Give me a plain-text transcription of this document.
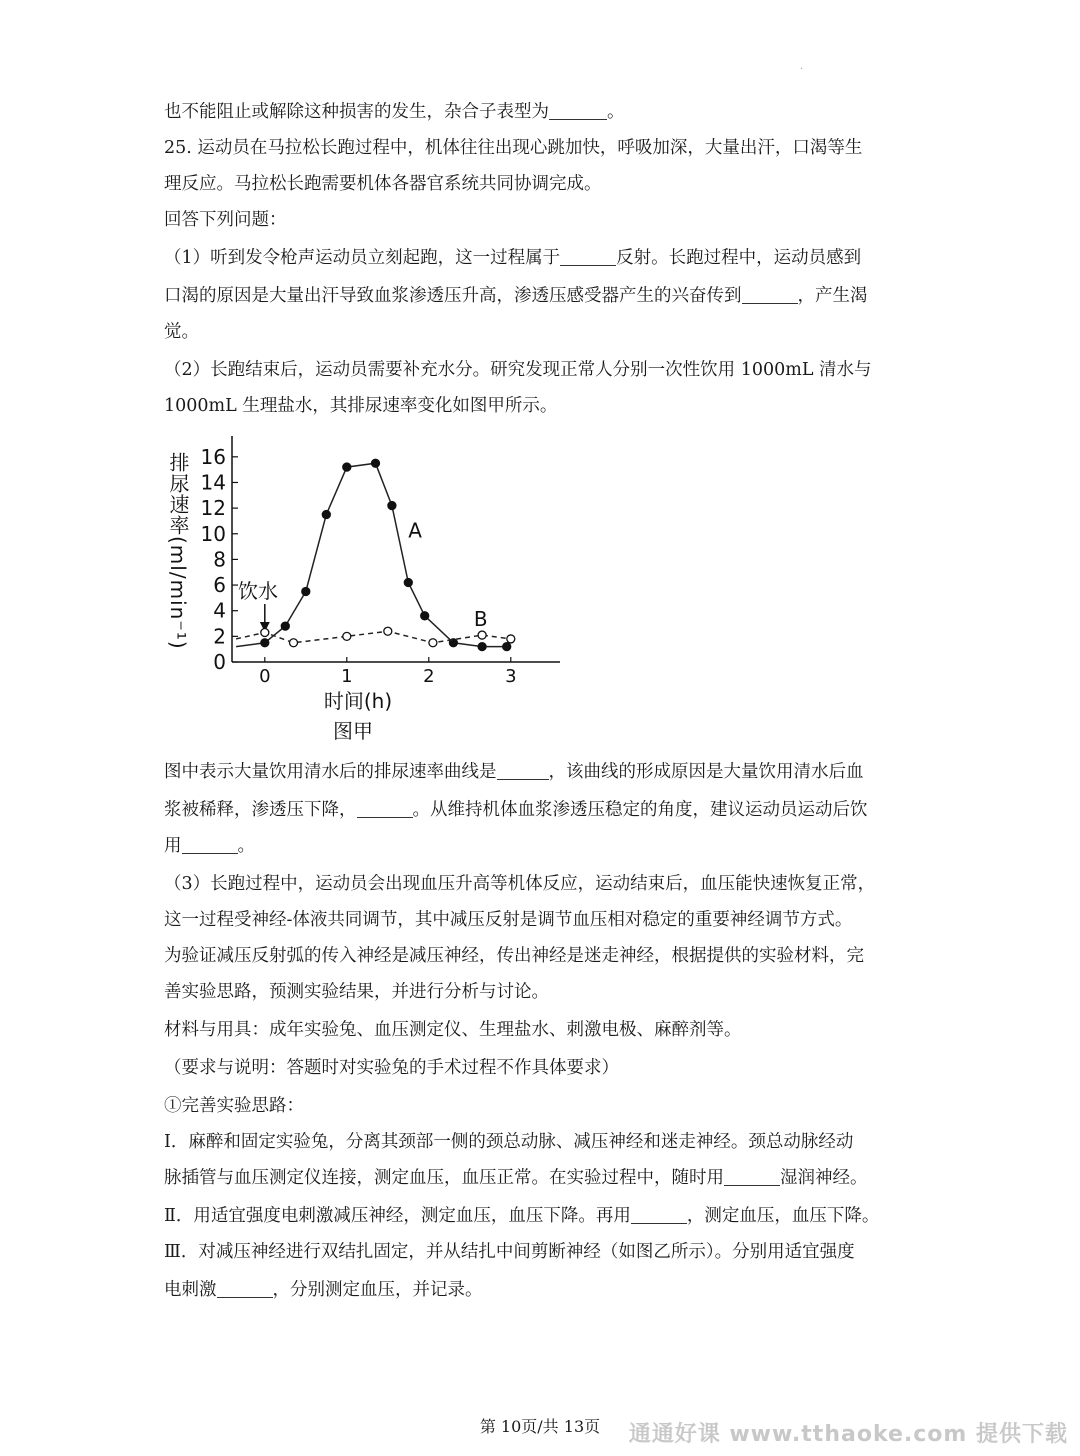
·
也不能阻止或解除这种损害的发生，杂合子表型为	。
25. 运动员在马拉松长跑过程中，机体往往出现心跳加快，呼吸加深，大量出汗，口渴等生
理反应。马拉松长跑需要机体各器官系统共同协调完成。
回答下列问题：
（1）听到发令枪声运动员立刻起跑，这一过程属于	反射。长跑过程中，运动员感到
口渴的原因是大量出汗导致血浆渗透压升高，渗透压感受器产生的兴奋传到	，产生渴
觉。
（2）长跑结束后，运动员需要补充水分。研究发现正常人分别一次性饮用 1000mL 清水与
1000mL 生理盐水，其排尿速率变化如图甲所示。
0
2
4
6
8
10
12
14
16
0	1	2	3
排尿速率(ml/min⁻¹)
时间(h)
图甲
饮水
A
B
图中表示大量饮用清水后的排尿速率曲线是	，该曲线的形成原因是大量饮用清水后血
浆被稀释，渗透压下降，	。从维持机体血浆渗透压稳定的角度，建议运动员运动后饮
用	。
（3）长跑过程中，运动员会出现血压升高等机体反应，运动结束后，血压能快速恢复正常，
这一过程受神经-体液共同调节，其中减压反射是调节血压相对稳定的重要神经调节方式。
为验证减压反射弧的传入神经是减压神经，传出神经是迷走神经，根据提供的实验材料，完
善实验思路，预测实验结果，并进行分析与讨论。
材料与用具：成年实验兔、血压测定仪、生理盐水、刺激电极、麻醉剂等。
（要求与说明：答题时对实验兔的手术过程不作具体要求）
①完善实验思路：
I．麻醉和固定实验兔，分离其颈部一侧的颈总动脉、减压神经和迷走神经。颈总动脉经动
脉插管与血压测定仪连接，测定血压，血压正常。在实验过程中，随时用	湿润神经。
Ⅱ．用适宜强度电刺激减压神经，测定血压，血压下降。再用	，测定血压，血压下降。
Ⅲ．对减压神经进行双结扎固定，并从结扎中间剪断神经（如图乙所示）。分别用适宜强度
电刺激	，分别测定血压，并记录。
第 10页/共 13页	通通好课 www.tthaoke.com 提供下载
